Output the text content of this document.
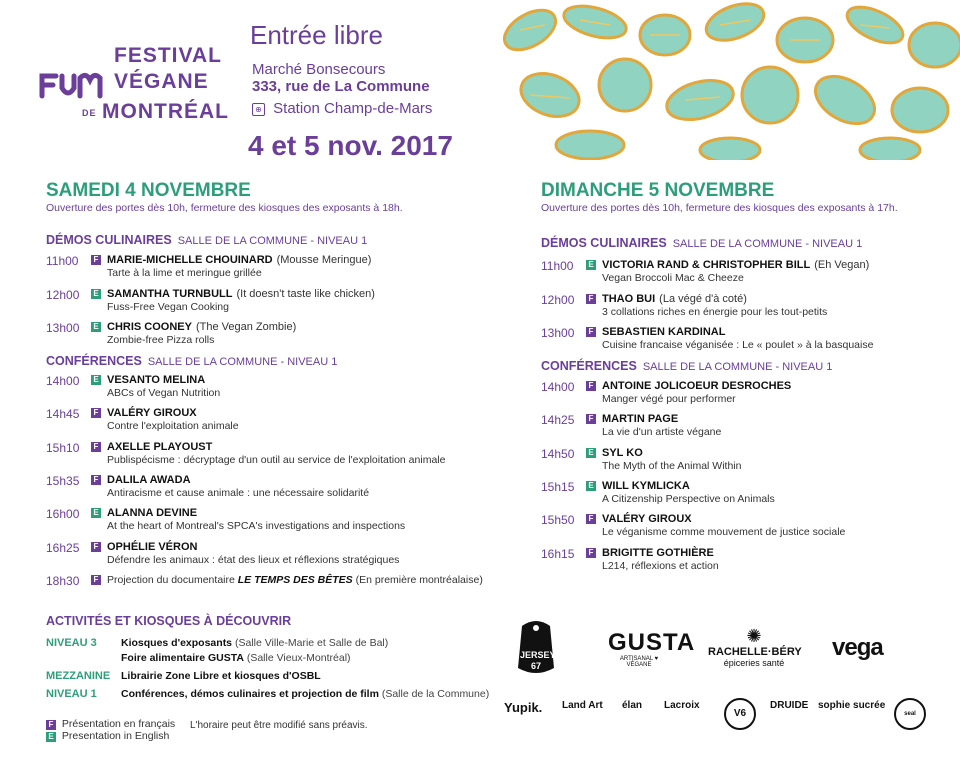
FESTIVAL
VÉGANE
DE MONTRÉAL
Entrée libre
Marché Bonsecours
333, rue de La Commune
⊕ Station Champ-de-Mars
4 et 5 nov. 2017
SAMEDI 4 NOVEMBRE
Ouverture des portes dès 10h, fermeture des kiosques des exposants à 18h.
DÉMOS CULINAIRES SALLE DE LA COMMUNE - NIVEAU 1
11h00	F MARIE-MICHELLE CHOUINARD (Mousse Meringue)
Tarte à la lime et meringue grillée
12h00	E SAMANTHA TURNBULL (It doesn't taste like chicken)
Fuss-Free Vegan Cooking
13h00	E CHRIS COONEY (The Vegan Zombie)
Zombie-free Pizza rolls
CONFÉRENCES SALLE DE LA COMMUNE - NIVEAU 1
14h00	E VESANTO MELINA
ABCs of Vegan Nutrition
14h45	F VALÉRY GIROUX
Contre l'exploitation animale
15h10	F AXELLE PLAYOUST
Publispécisme : décryptage d'un outil au service de l'exploitation animale
15h35	F DALILA AWADA
Antiracisme et cause animale : une nécessaire solidarité
16h00	E ALANNA DEVINE
At the heart of Montreal's SPCA's investigations and inspections
16h25	F OPHÉLIE VÉRON
Défendre les animaux : état des lieux et réflexions stratégiques
18h30	F Projection du documentaire LE TEMPS DES BÊTES (En première montréalaise)
DIMANCHE 5 NOVEMBRE
Ouverture des portes dès 10h, fermeture des kiosques des exposants à 17h.
DÉMOS CULINAIRES SALLE DE LA COMMUNE - NIVEAU 1
11h00	E VICTORIA RAND & CHRISTOPHER BILL (Eh Vegan)
Vegan Broccoli Mac & Cheeze
12h00	F THAO BUI (La végé d'à coté)
3 collations riches en énergie pour les tout-petits
13h00	F SEBASTIEN KARDINAL
Cuisine francaise véganisée : Le « poulet » à la basquaise
CONFÉRENCES SALLE DE LA COMMUNE - NIVEAU 1
14h00	F ANTOINE JOLICOEUR DESROCHES
Manger végé pour performer
14h25	F MARTIN PAGE
La vie d'un artiste végane
14h50	E SYL KO
The Myth of the Animal Within
15h15	E WILL KYMLICKA
A Citizenship Perspective on Animals
15h50	F VALÉRY GIROUX
Le véganisme comme mouvement de justice sociale
16h15	F BRIGITTE GOTHIÈRE
L214, réflexions et action
ACTIVITÉS ET KIOSQUES À DÉCOUVRIR
NIVEAU 3 Kiosques d'exposants (Salle Ville-Marie et Salle de Bal)
Foire alimentaire GUSTA (Salle Vieux-Montréal)
MEZZANINE Librairie Zone Libre et kiosques d'OSBL
NIVEAU 1 Conférences, démos culinaires et projection de film (Salle de la Commune)
F Présentation en français
E Presentation in English
L'horaire peut être modifié sans préavis.
JERSEY 67
GUSTA
ARTISANAL ♥ VÉGANE
✺
RACHELLE·BÉRY
épiceries santé
vega
Yupik. Land Art élan Lacroix
V6
DRUIDE sophie sucrée
seal
